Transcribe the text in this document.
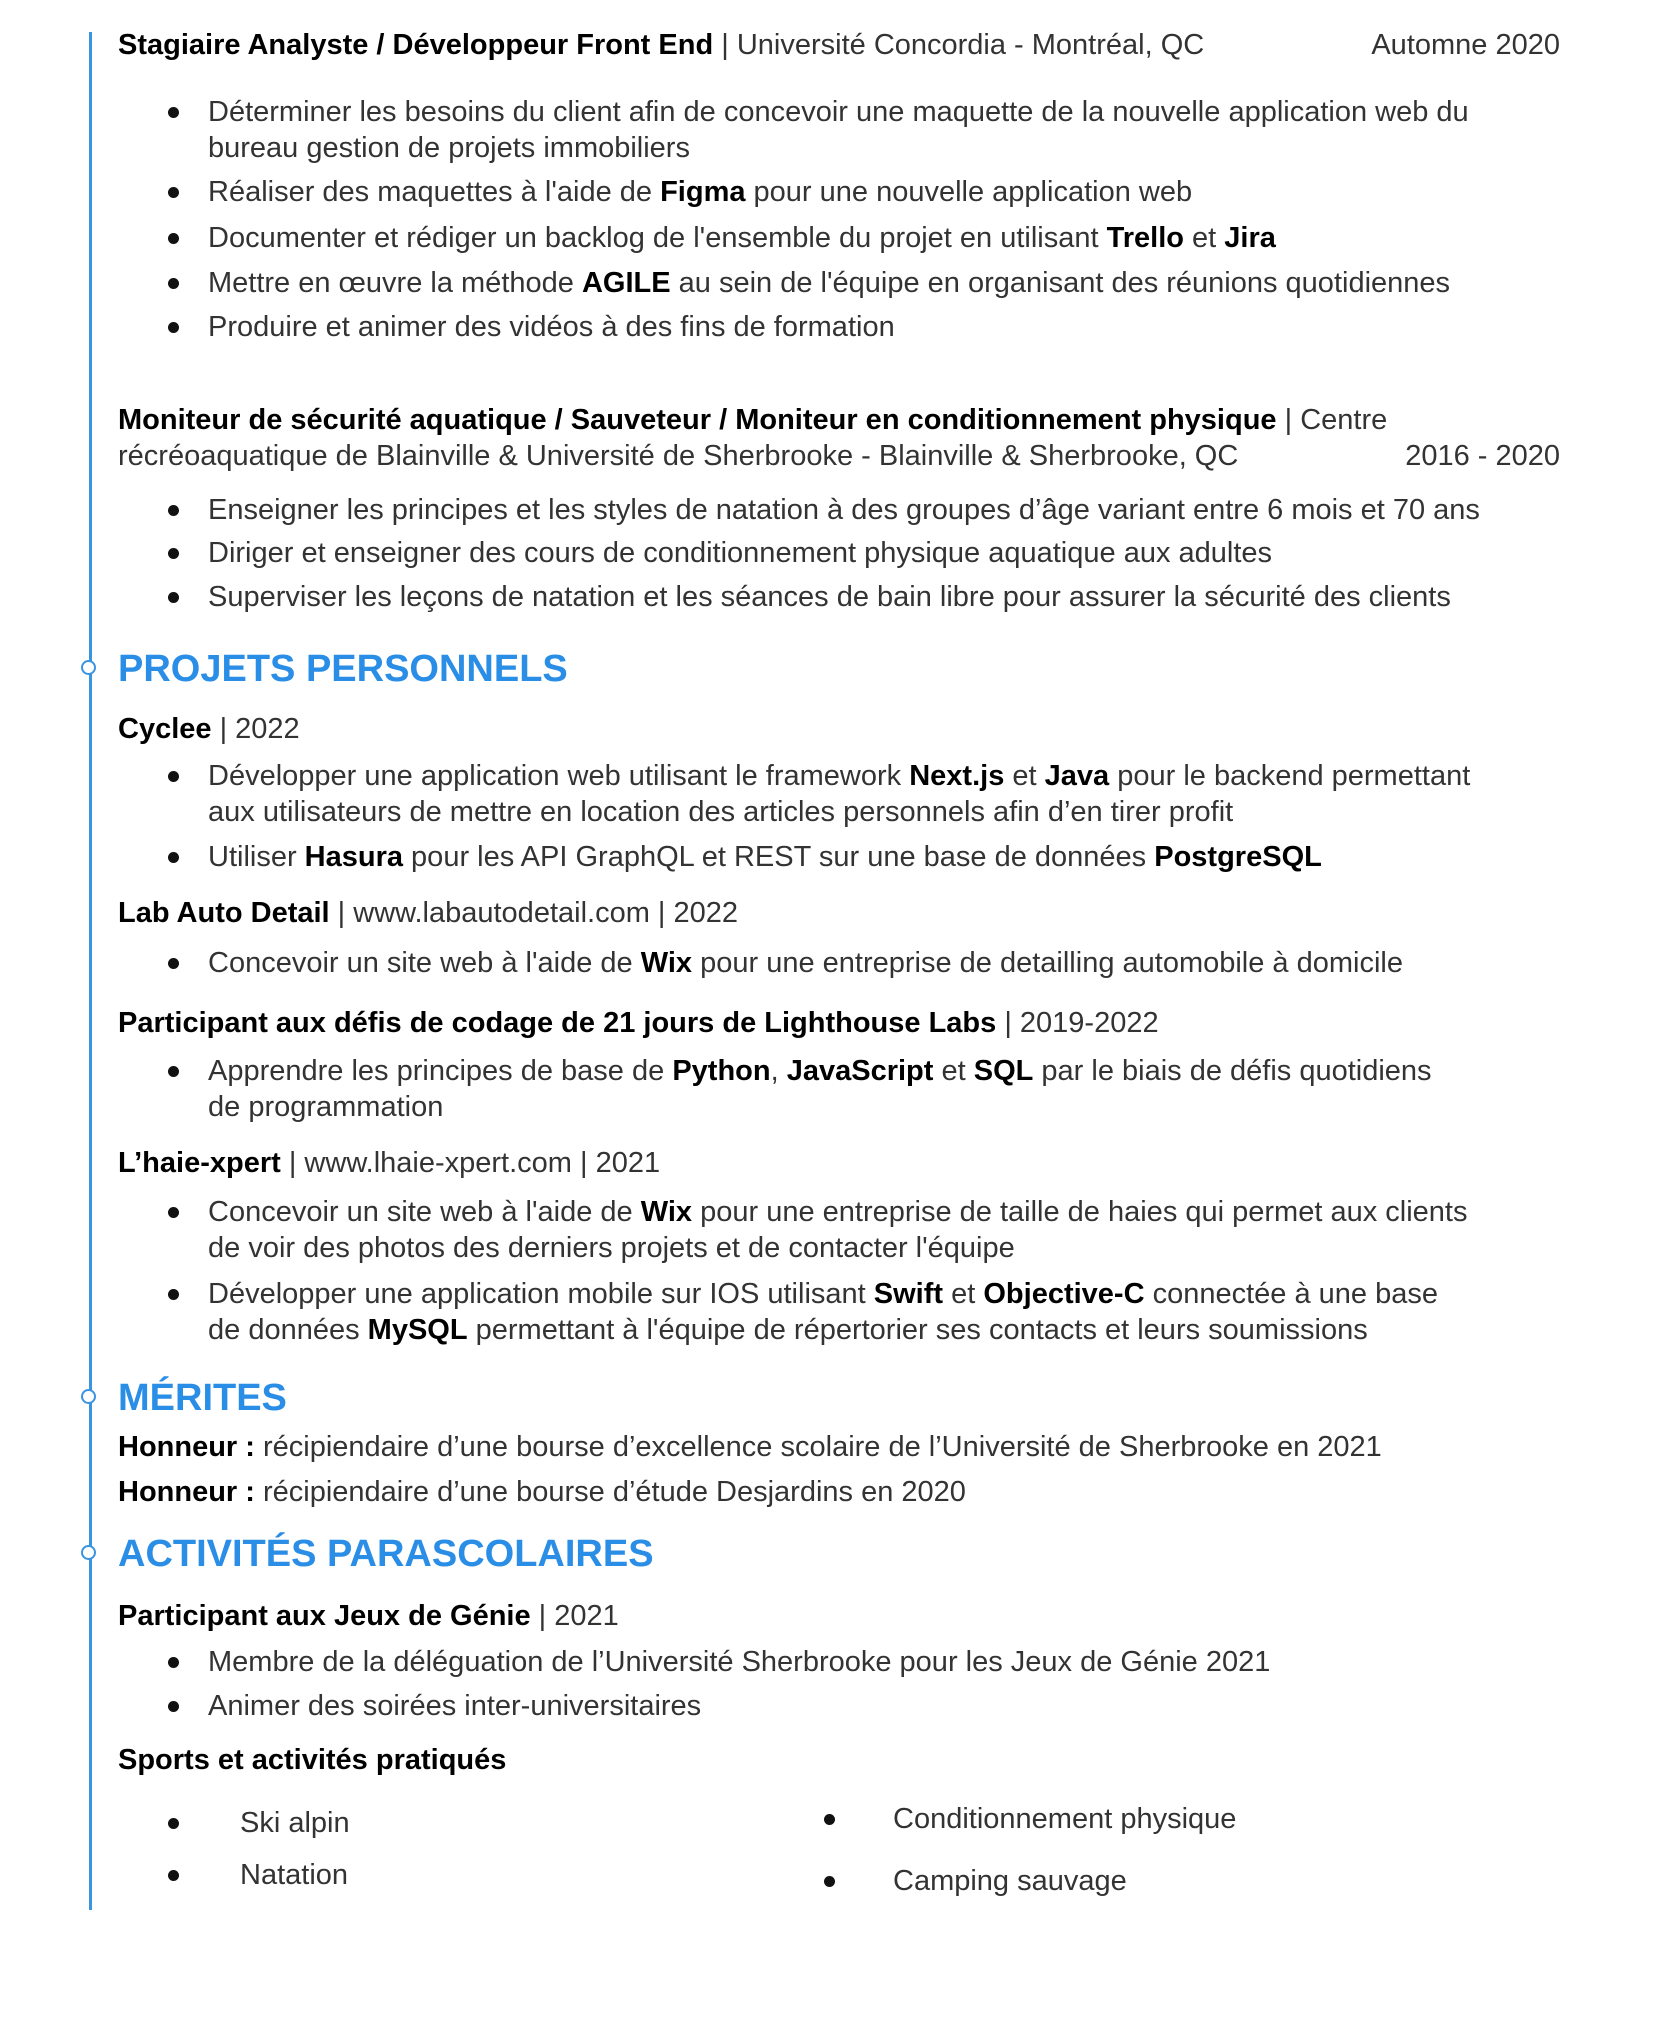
Stagiaire Analyste / Développeur Front End | Université Concordia - Montréal, QC	Automne 2020
Déterminer les besoins du client afin de concevoir une maquette de la nouvelle application web du
bureau gestion de projets immobiliers
Réaliser des maquettes à l'aide de Figma pour une nouvelle application web
Documenter et rédiger un backlog de l'ensemble du projet en utilisant Trello et Jira
Mettre en œuvre la méthode AGILE au sein de l'équipe en organisant des réunions quotidiennes
Produire et animer des vidéos à des fins de formation
Moniteur de sécurité aquatique / Sauveteur / Moniteur en conditionnement physique | Centre
récréoaquatique de Blainville & Université de Sherbrooke - Blainville & Sherbrooke, QC	2016 - 2020
Enseigner les principes et les styles de natation à des groupes d’âge variant entre 6 mois et 70 ans
Diriger et enseigner des cours de conditionnement physique aquatique aux adultes
Superviser les leçons de natation et les séances de bain libre pour assurer la sécurité des clients
PROJETS PERSONNELS
Cyclee | 2022
Développer une application web utilisant le framework Next.js et Java pour le backend permettant
aux utilisateurs de mettre en location des articles personnels afin d’en tirer profit
Utiliser Hasura pour les API GraphQL et REST sur une base de données PostgreSQL
Lab Auto Detail | www.labautodetail.com | 2022
Concevoir un site web à l'aide de Wix pour une entreprise de detailling automobile à domicile
Participant aux défis de codage de 21 jours de Lighthouse Labs | 2019-2022
Apprendre les principes de base de Python, JavaScript et SQL par le biais de défis quotidiens
de programmation
L’haie-xpert | www.lhaie-xpert.com | 2021
Concevoir un site web à l'aide de Wix pour une entreprise de taille de haies qui permet aux clients
de voir des photos des derniers projets et de contacter l'équipe
Développer une application mobile sur IOS utilisant Swift et Objective-C connectée à une base
de données MySQL permettant à l'équipe de répertorier ses contacts et leurs soumissions
MÉRITES
Honneur : récipiendaire d’une bourse d’excellence scolaire de l’Université de Sherbrooke en 2021
Honneur : récipiendaire d’une bourse d’étude Desjardins en 2020
ACTIVITÉS PARASCOLAIRES
Participant aux Jeux de Génie | 2021
Membre de la déléguation de l’Université Sherbrooke pour les Jeux de Génie 2021
Animer des soirées inter-universitaires
Sports et activités pratiqués
Ski alpin
Natation
Conditionnement physique
Camping sauvage
